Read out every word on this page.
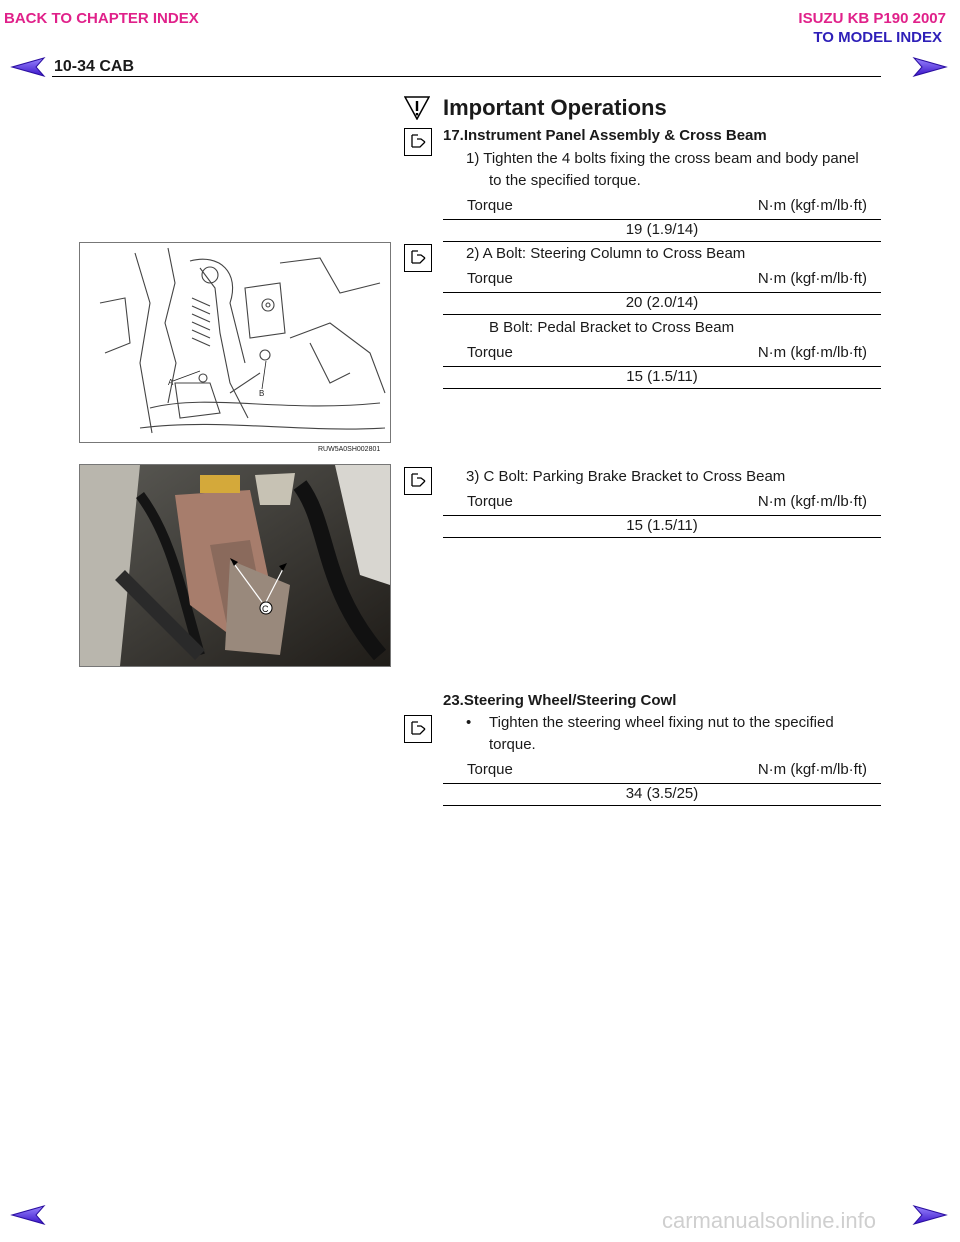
BACK TO CHAPTER INDEX	ISUZU KB P190 2007
TO MODEL INDEX
10-34 CAB
Important Operations
17.Instrument Panel Assembly & Cross Beam
1) Tighten the 4 bolts fixing the cross beam and body panel
to the specified torque.
Torque	N·m (kgf·m/lb·ft)
19 (1.9/14)
A
B
RUW5A0SH002801
2) A Bolt: Steering Column to Cross Beam
Torque	N·m (kgf·m/lb·ft)
20 (2.0/14)
B Bolt: Pedal Bracket to Cross Beam
Torque	N·m (kgf·m/lb·ft)
15 (1.5/11)
C
3) C Bolt: Parking Brake Bracket to Cross Beam
Torque	N·m (kgf·m/lb·ft)
15 (1.5/11)
23.Steering Wheel/Steering Cowl
• Tighten the steering wheel fixing nut to the specified
torque.
Torque	N·m (kgf·m/lb·ft)
34 (3.5/25)
carmanualsonline.info
